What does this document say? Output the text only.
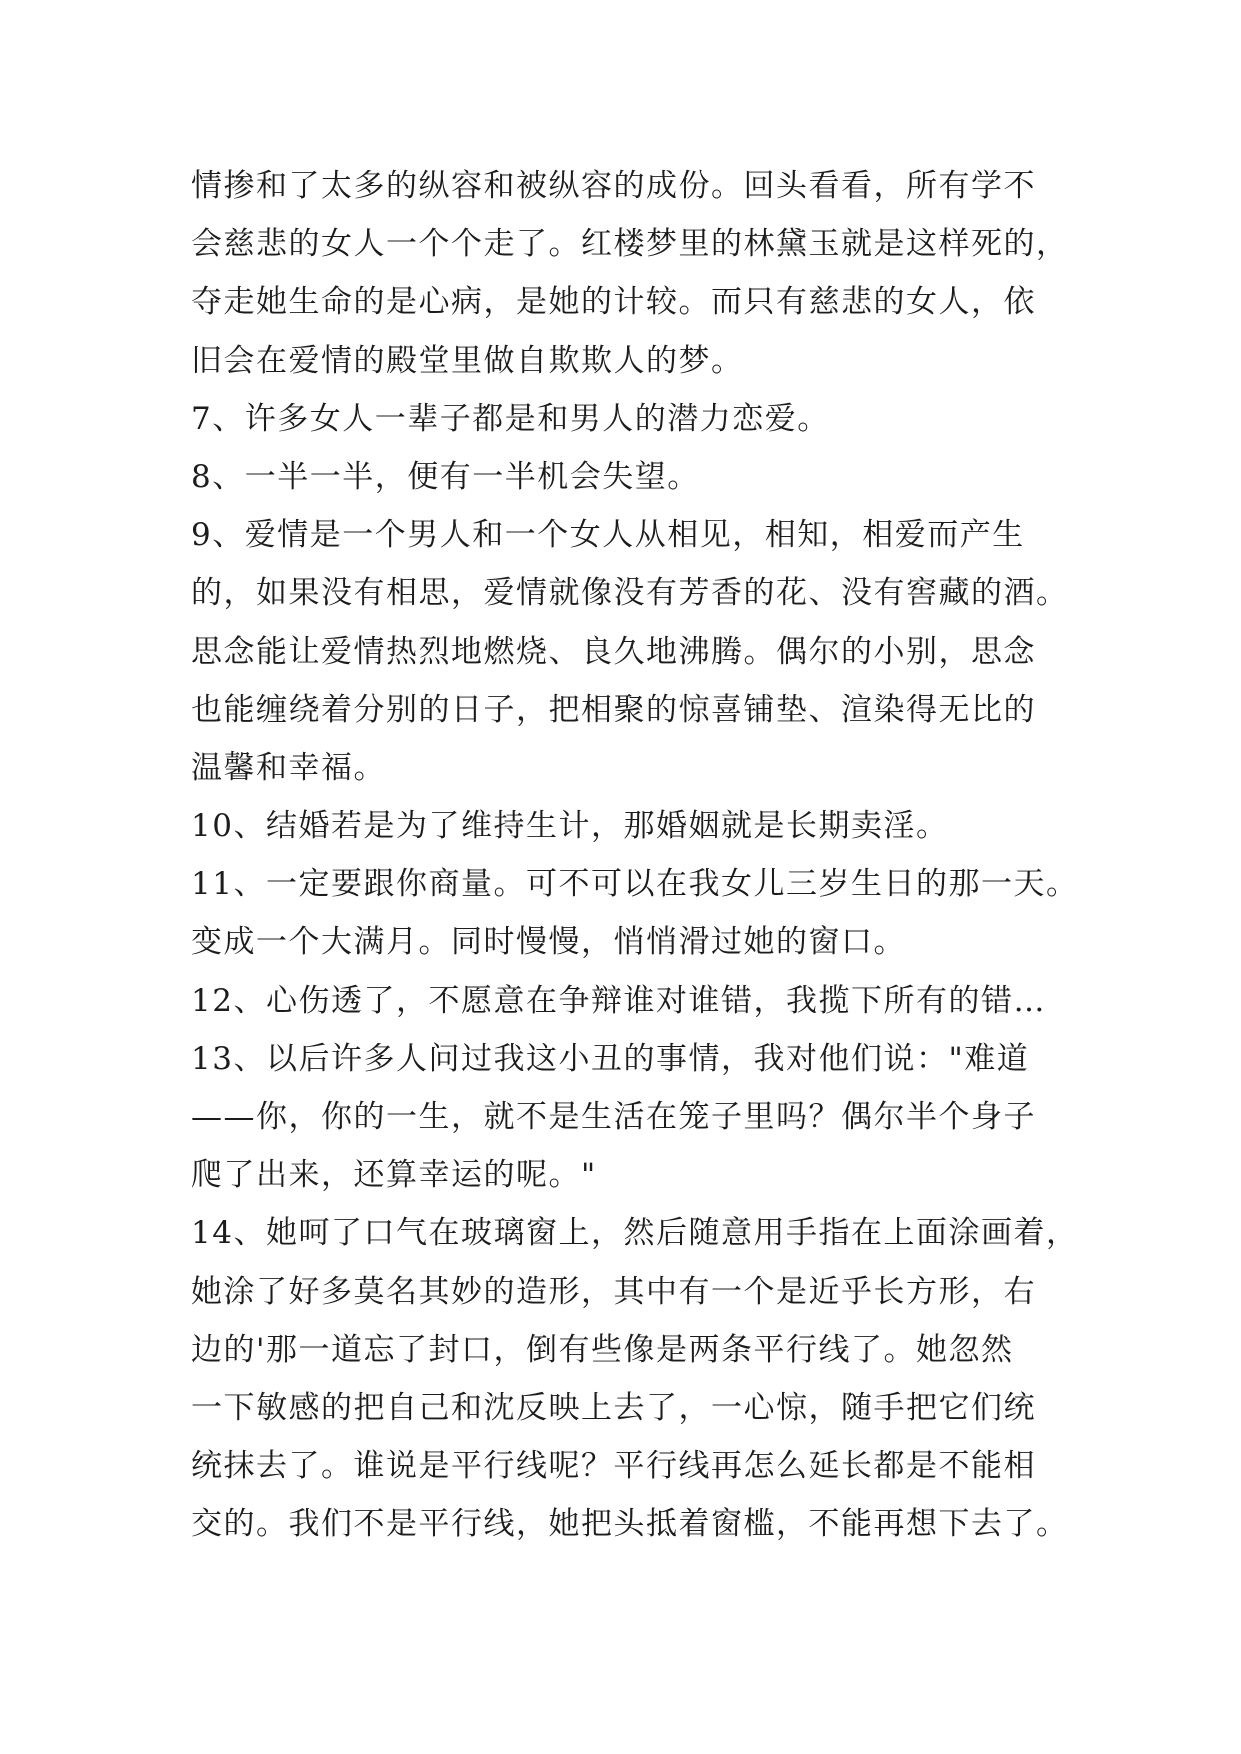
情掺和了太多的纵容和被纵容的成份。回头看看，所有学不
会慈悲的女人一个个走了。红楼梦里的林黛玉就是这样死的，
夺走她生命的是心病，是她的计较。而只有慈悲的女人，依
旧会在爱情的殿堂里做自欺欺人的梦。
7、许多女人一辈子都是和男人的潜力恋爱。
8、一半一半，便有一半机会失望。
9、爱情是一个男人和一个女人从相见，相知，相爱而产生
的，如果没有相思，爱情就像没有芳香的花、没有窖藏的酒。
思念能让爱情热烈地燃烧、良久地沸腾。偶尔的小别，思念
也能缠绕着分别的日子，把相聚的惊喜铺垫、渲染得无比的
温馨和幸福。
10、结婚若是为了维持生计，那婚姻就是长期卖淫。
11、一定要跟你商量。可不可以在我女儿三岁生日的那一天。
变成一个大满月。同时慢慢，悄悄滑过她的窗口。
12、心伤透了，不愿意在争辩谁对谁错，我揽下所有的错…
13、以后许多人问过我这小丑的事情，我对他们说："难道
——你，你的一生，就不是生活在笼子里吗？偶尔半个身子
爬了出来，还算幸运的呢。"
14、她呵了口气在玻璃窗上，然后随意用手指在上面涂画着，
她涂了好多莫名其妙的造形，其中有一个是近乎长方形，右
边的'那一道忘了封口，倒有些像是两条平行线了。她忽然
一下敏感的把自己和沈反映上去了，一心惊，随手把它们统
统抹去了。谁说是平行线呢？平行线再怎么延长都是不能相
交的。我们不是平行线，她把头抵着窗槛，不能再想下去了。
